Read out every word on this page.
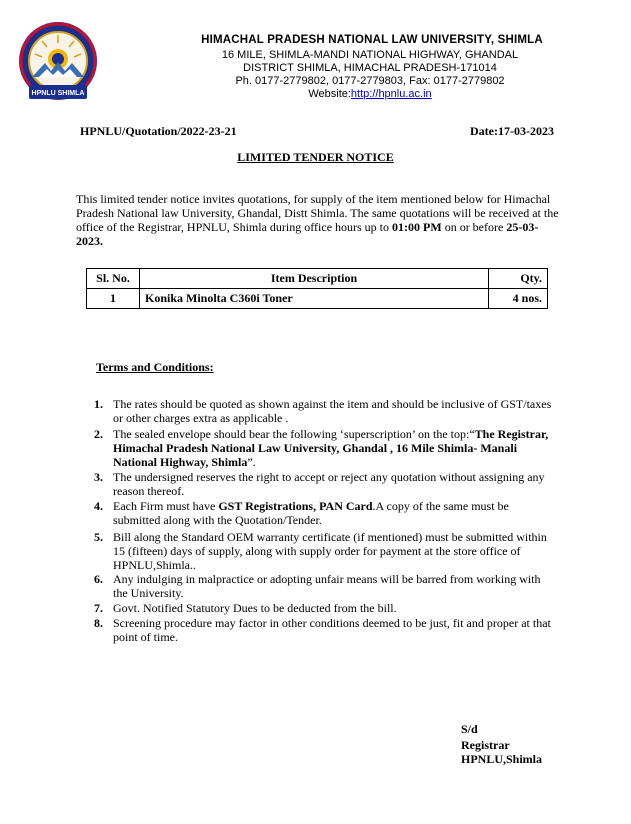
HPNLU SHIMLA
HIMACHAL PRADESH NATIONAL LAW UNIVERSITY, SHIMLA
16 MILE, SHIMLA-MANDI NATIONAL HIGHWAY, GHANDAL
DISTRICT SHIMLA, HIMACHAL PRADESH-171014
Ph. 0177-2779802, 0177-2779803, Fax: 0177-2779802
Website:http://hpnlu.ac.in
HPNLU/Quotation/2022-23-21	Date:17-03-2023
LIMITED TENDER NOTICE
This limited tender notice invites quotations, for supply of the item mentioned below for Himachal Pradesh National law University, Ghandal, Distt Shimla. The same quotations will be received at the office of the Registrar, HPNLU, Shimla during office hours up to 01:00 PM on or before 25-03-2023.
Sl. No.	Item Description	Qty.
1	Konika Minolta C360i Toner	4 nos.
Terms and Conditions:
1. The rates should be quoted as shown against the item and should be inclusive of GST/taxes or other charges extra as applicable .
2. The sealed envelope should bear the following ‘superscription’ on the top:“The Registrar, Himachal Pradesh National Law University, Ghandal , 16 Mile Shimla- Manali National Highway, Shimla”.
3. The undersigned reserves the right to accept or reject any quotation without assigning any reason thereof.
4. Each Firm must have GST Registrations, PAN Card.A copy of the same must be submitted along with the Quotation/Tender.
5. Bill along the Standard OEM warranty certificate (if mentioned) must be submitted within 15 (fifteen) days of supply, along with supply order for payment at the store office of HPNLU,Shimla..
6. Any indulging in malpractice or adopting unfair means will be barred from working with the University.
7. Govt. Notified Statutory Dues to be deducted from the bill.
8. Screening procedure may factor in other conditions deemed to be just, fit and proper at that point of time.
S/d
Registrar
HPNLU,Shimla
